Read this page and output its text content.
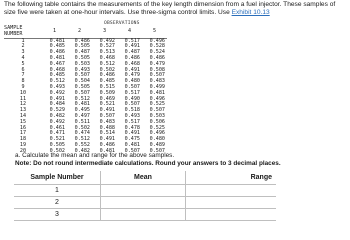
The following table contains the measurements of the key length dimension from a fuel injector. These samples of size five were taken at one-hour intervals. Use three-sigma control limits. Use Exhibit 10.13
OBSERVATIONS
SAMPLE NUMBER	1	2	3	4	5
1	0.481	0.486	0.492	0.517	0.496
2	0.485	0.505	0.527	0.491	0.528
3	0.486	0.487	0.513	0.487	0.524
4	0.481	0.505	0.468	0.486	0.486
5	0.467	0.503	0.512	0.468	0.479
6	0.468	0.493	0.502	0.491	0.508
7	0.485	0.507	0.486	0.479	0.507
8	0.512	0.504	0.485	0.480	0.483
9	0.493	0.505	0.515	0.507	0.499
10	0.492	0.507	0.509	0.517	0.481
11	0.491	0.512	0.469	0.490	0.496
12	0.484	0.481	0.521	0.507	0.525
13	0.529	0.495	0.491	0.518	0.507
14	0.482	0.497	0.507	0.493	0.503
15	0.492	0.511	0.483	0.517	0.506
16	0.461	0.502	0.488	0.478	0.525
17	0.471	0.474	0.514	0.491	0.496
18	0.521	0.512	0.491	0.475	0.480
19	0.505	0.552	0.486	0.481	0.489
20	0.502	0.482	0.481	0.507	0.507
a. Calculate the mean and range for the above samples.
Note: Do not round intermediate calculations. Round your answers to 3 decimal places.
Sample Number	Mean	Range
1		
2		
3		
